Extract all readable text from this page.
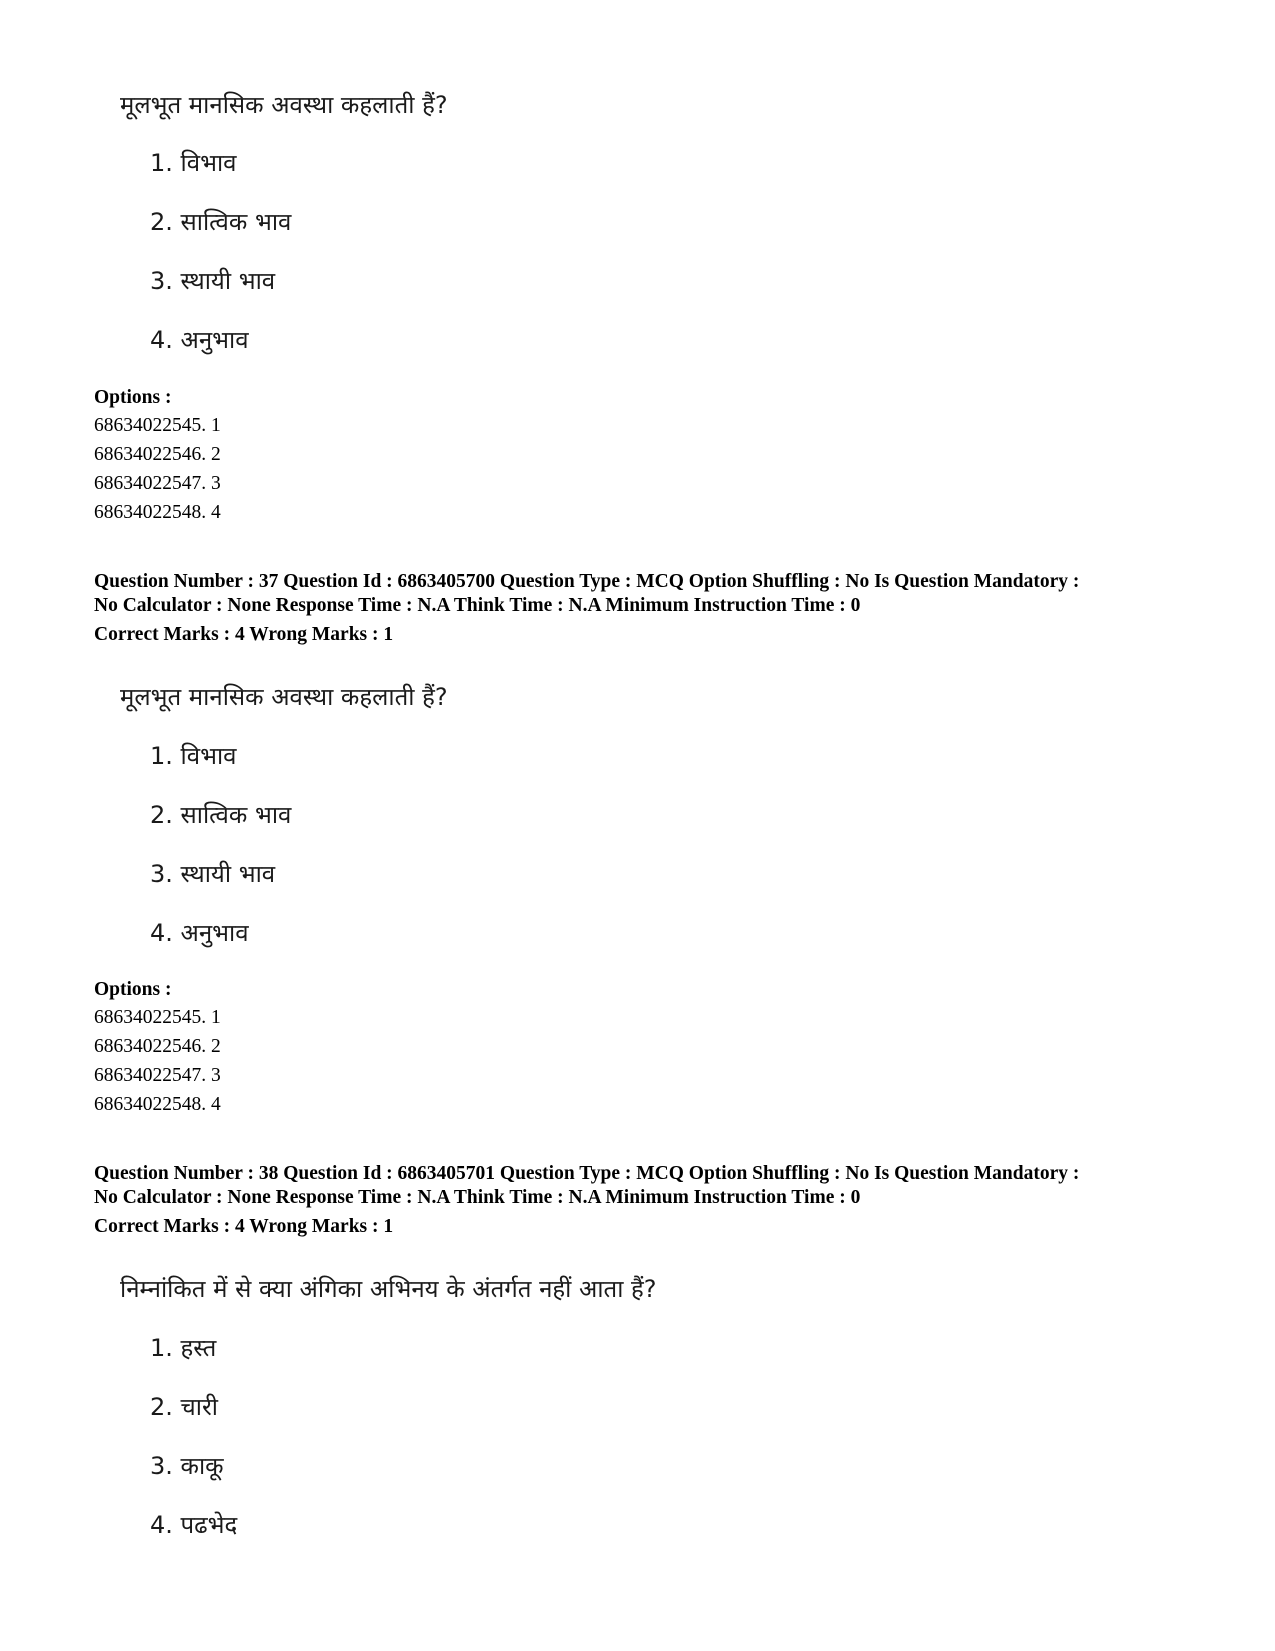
मूलभूत मानसिक अवस्था कहलाती हैं?
1. विभाव
2. सात्विक भाव
3. स्थायी भाव
4. अनुभाव
Options :
68634022545. 1
68634022546. 2
68634022547. 3
68634022548. 4
Question Number : 37 Question Id : 6863405700 Question Type : MCQ Option Shuffling : No Is Question Mandatory :
No Calculator : None Response Time : N.A Think Time : N.A Minimum Instruction Time : 0
Correct Marks : 4 Wrong Marks : 1
मूलभूत मानसिक अवस्था कहलाती हैं?
1. विभाव
2. सात्विक भाव
3. स्थायी भाव
4. अनुभाव
Options :
68634022545. 1
68634022546. 2
68634022547. 3
68634022548. 4
Question Number : 38 Question Id : 6863405701 Question Type : MCQ Option Shuffling : No Is Question Mandatory :
No Calculator : None Response Time : N.A Think Time : N.A Minimum Instruction Time : 0
Correct Marks : 4 Wrong Marks : 1
निम्नांकित में से क्या अंगिका अभिनय के अंतर्गत नहीं आता हैं?
1. हस्त
2. चारी
3. काकू
4. पढभेद
